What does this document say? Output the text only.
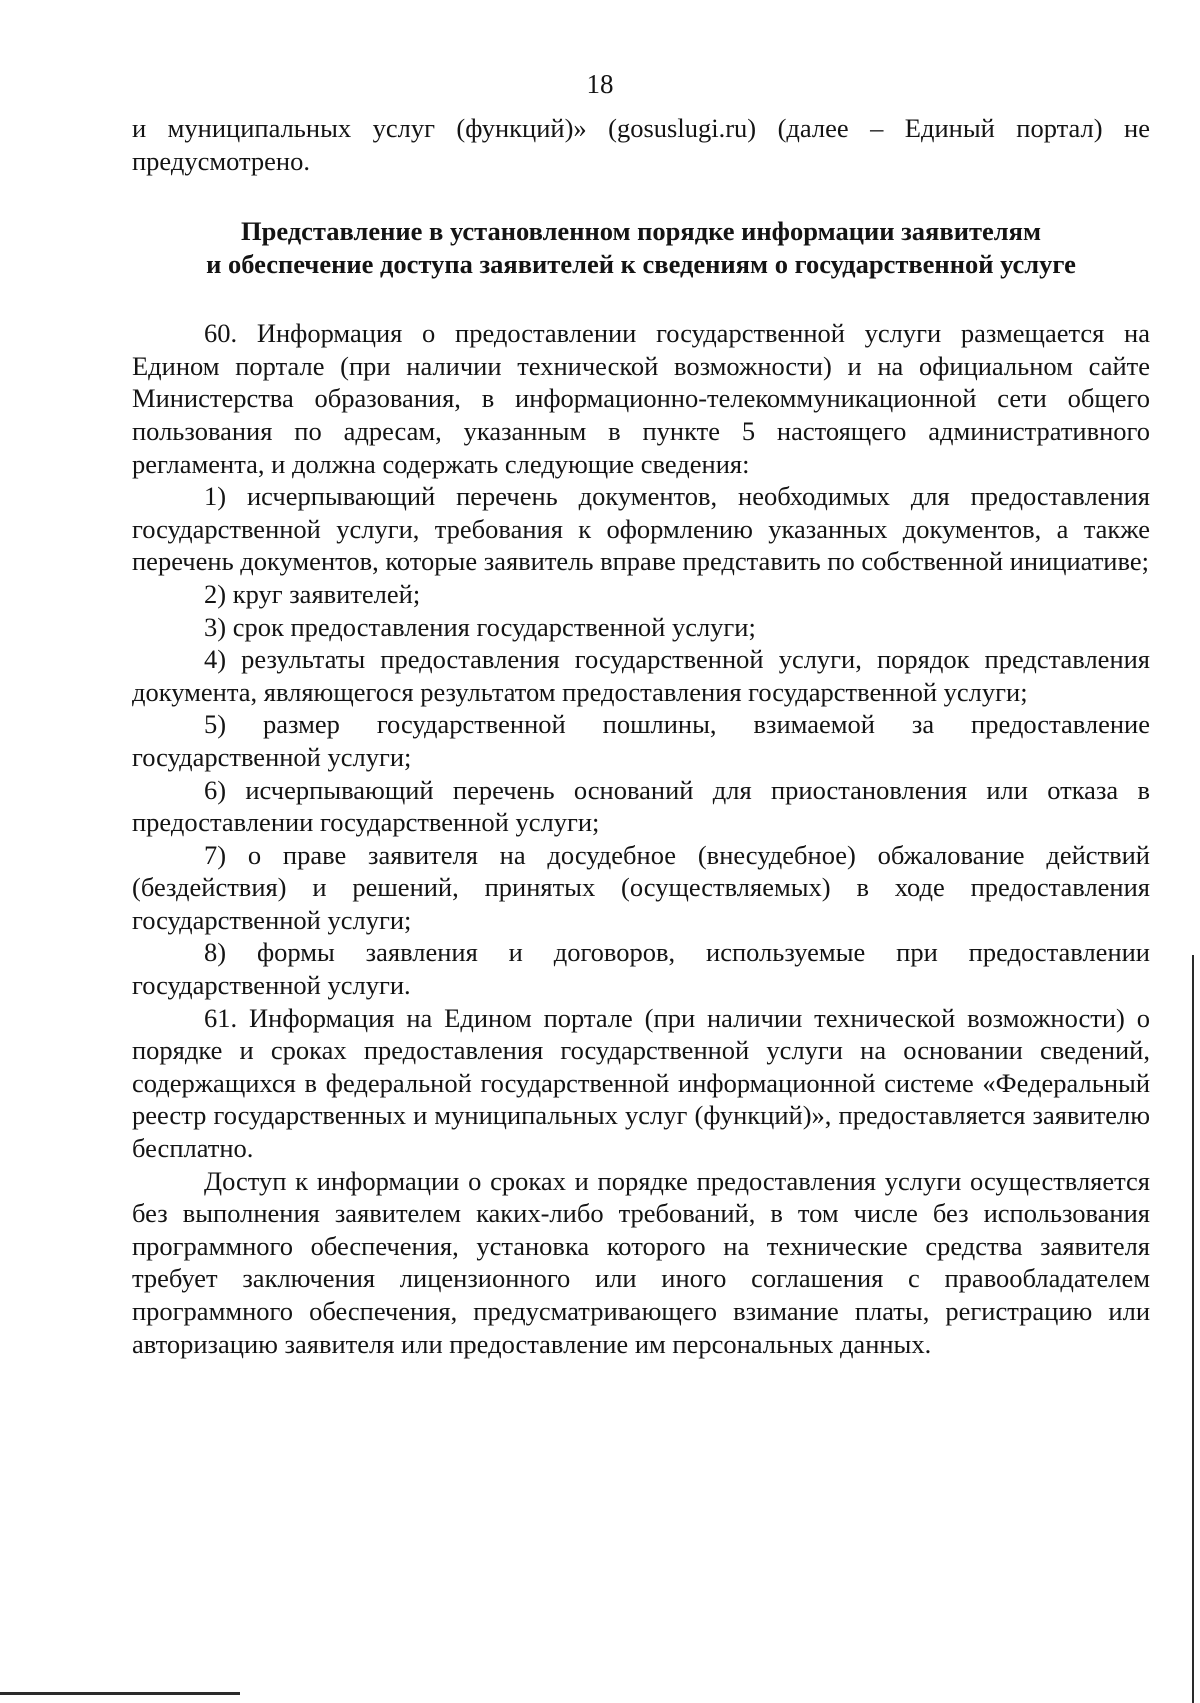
18

и муниципальных услуг (функций)» (gosuslugi.ru) (далее – Единый портал) не предусмотрено.

Представление в установленном порядке информации заявителям
и обеспечение доступа заявителей к сведениям о государственной услуге

60. Информация о предоставлении государственной услуги размещается на Едином портале (при наличии технической возможности) и на официальном сайте Министерства образования, в информационно-телекоммуникационной сети общего пользования по адресам, указанным в пункте 5 настоящего административного регламента, и должна содержать следующие сведения:

1) исчерпывающий перечень документов, необходимых для предоставления государственной услуги, требования к оформлению указанных документов, а также перечень документов, которые заявитель вправе представить по собственной инициативе;

2) круг заявителей;

3) срок предоставления государственной услуги;

4) результаты предоставления государственной услуги, порядок представления документа, являющегося результатом предоставления государственной услуги;

5) размер государственной пошлины, взимаемой за предоставление государственной услуги;

6) исчерпывающий перечень оснований для приостановления или отказа в предоставлении государственной услуги;

7) о праве заявителя на досудебное (внесудебное) обжалование действий (бездействия) и решений, принятых (осуществляемых) в ходе предоставления государственной услуги;

8) формы заявления и договоров, используемые при предоставлении государственной услуги.

61. Информация на Едином портале (при наличии технической возможности) о порядке и сроках предоставления государственной услуги на основании сведений, содержащихся в федеральной государственной информационной системе «Федеральный реестр государственных и муниципальных услуг (функций)», предоставляется заявителю бесплатно.

Доступ к информации о сроках и порядке предоставления услуги осуществляется без выполнения заявителем каких-либо требований, в том числе без использования программного обеспечения, установка которого на технические средства заявителя требует заключения лицензионного или иного соглашения с правообладателем программного обеспечения, предусматривающего взимание платы, регистрацию или авторизацию заявителя или предоставление им персональных данных.
